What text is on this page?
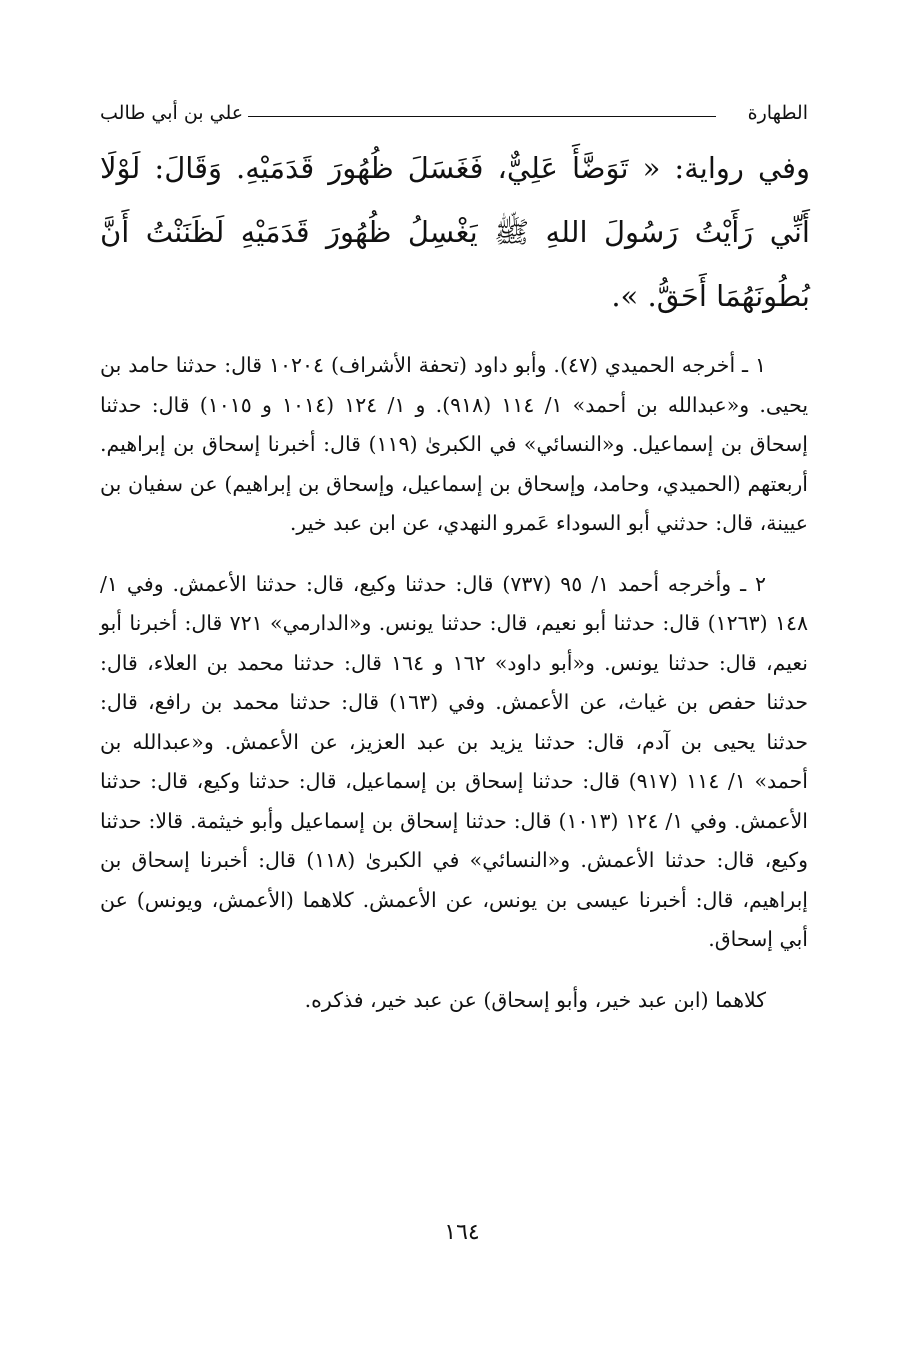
الطهارة
علي بن أبي طالب
وفي رواية: « تَوَضَّأَ عَلِيٌّ، فَغَسَلَ ظُهُورَ قَدَمَيْهِ. وَقَالَ: لَوْلَا أَنِّي رَأَيْتُ رَسُولَ اللهِ ﷺ يَغْسِلُ ظُهُورَ قَدَمَيْهِ لَظَنَنْتُ أَنَّ بُطُونَهُمَا أَحَقُّ. ».

١ ـ أخرجه الحميدي (٤٧). وأبو داود (تحفة الأشراف) ١٠٢٠٤ قال: حدثنا حامد بن يحيى. و«عبدالله بن أحمد» ١/ ١١٤ (٩١٨). و ١/ ١٢٤ (١٠١٤ و ١٠١٥) قال: حدثنا إسحاق بن إسماعيل. و«النسائي» في الكبرىٰ (١١٩) قال: أخبرنا إسحاق بن إبراهيم. أربعتهم (الحميدي، وحامد، وإسحاق بن إسماعيل، وإسحاق بن إبراهيم) عن سفيان بن عيينة، قال: حدثني أبو السوداء عَمرو النهدي، عن ابن عبد خير.

٢ ـ وأخرجه أحمد ١/ ٩٥ (٧٣٧) قال: حدثنا وكيع، قال: حدثنا الأعمش. وفي ١/ ١٤٨ (١٢٦٣) قال: حدثنا أبو نعيم، قال: حدثنا يونس. و«الدارمي» ٧٢١ قال: أخبرنا أبو نعيم، قال: حدثنا يونس. و«أبو داود» ١٦٢ و ١٦٤ قال: حدثنا محمد بن العلاء، قال: حدثنا حفص بن غياث، عن الأعمش. وفي (١٦٣) قال: حدثنا محمد بن رافع، قال: حدثنا يحيى بن آدم، قال: حدثنا يزيد بن عبد العزيز، عن الأعمش. و«عبدالله بن أحمد» ١/ ١١٤ (٩١٧) قال: حدثنا إسحاق بن إسماعيل، قال: حدثنا وكيع، قال: حدثنا الأعمش. وفي ١/ ١٢٤ (١٠١٣) قال: حدثنا إسحاق بن إسماعيل وأبو خيثمة. قالا: حدثنا وكيع، قال: حدثنا الأعمش. و«النسائي» في الكبرىٰ (١١٨) قال: أخبرنا إسحاق بن إبراهيم، قال: أخبرنا عيسى بن يونس، عن الأعمش. كلاهما (الأعمش، ويونس) عن أبي إسحاق.

كلاهما (ابن عبد خير، وأبو إسحاق) عن عبد خير، فذكره.

١٦٤
